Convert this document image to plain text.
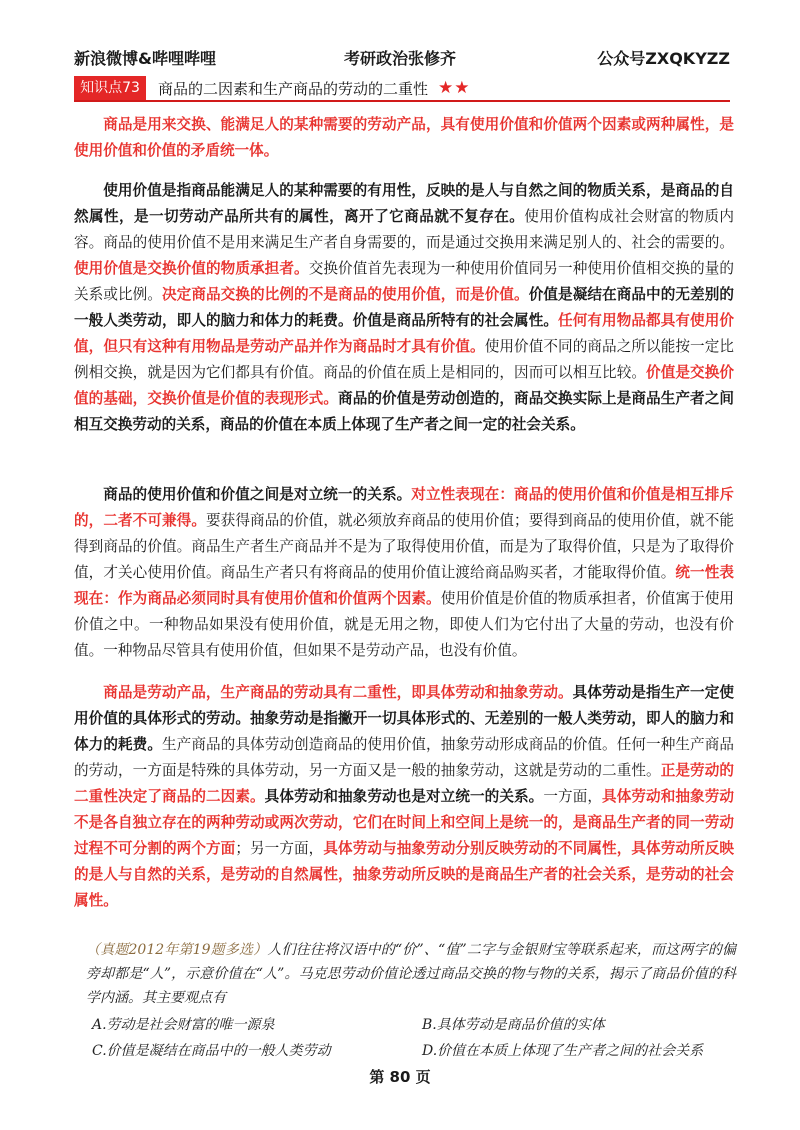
新浪微博&哔哩哔哩	考研政治张修齐	公众号ZXQKYZZ
知识点73	商品的二因素和生产商品的劳动的二重性 ★★
商品是用来交换、能满足人的某种需要的劳动产品，具有使用价值和价值两个因素或两种属性，是使用价值和价值的矛盾统一体。
使用价值是指商品能满足人的某种需要的有用性，反映的是人与自然之间的物质关系，是商品的自然属性，是一切劳动产品所共有的属性，离开了它商品就不复存在。使用价值构成社会财富的物质内容。商品的使用价值不是用来满足生产者自身需要的，而是通过交换用来满足别人的、社会的需要的。使用价值是交换价值的物质承担者。交换价值首先表现为一种使用价值同另一种使用价值相交换的量的关系或比例。决定商品交换的比例的不是商品的使用价值，而是价值。价值是凝结在商品中的无差别的一般人类劳动，即人的脑力和体力的耗费。价值是商品所特有的社会属性。任何有用物品都具有使用价值，但只有这种有用物品是劳动产品并作为商品时才具有价值。使用价值不同的商品之所以能按一定比例相交换，就是因为它们都具有价值。商品的价值在质上是相同的，因而可以相互比较。价值是交换价值的基础，交换价值是价值的表现形式。商品的价值是劳动创造的，商品交换实际上是商品生产者之间相互交换劳动的关系，商品的价值在本质上体现了生产者之间一定的社会关系。
商品的使用价值和价值之间是对立统一的关系。对立性表现在：商品的使用价值和价值是相互排斥的，二者不可兼得。要获得商品的价值，就必须放弃商品的使用价值；要得到商品的使用价值，就不能得到商品的价值。商品生产者生产商品并不是为了取得使用价值，而是为了取得价值，只是为了取得价值，才关心使用价值。商品生产者只有将商品的使用价值让渡给商品购买者，才能取得价值。统一性表现在：作为商品必须同时具有使用价值和价值两个因素。使用价值是价值的物质承担者，价值寓于使用价值之中。一种物品如果没有使用价值，就是无用之物，即使人们为它付出了大量的劳动，也没有价值。一种物品尽管具有使用价值，但如果不是劳动产品，也没有价值。
商品是劳动产品，生产商品的劳动具有二重性，即具体劳动和抽象劳动。具体劳动是指生产一定使用价值的具体形式的劳动。抽象劳动是指撇开一切具体形式的、无差别的一般人类劳动，即人的脑力和体力的耗费。生产商品的具体劳动创造商品的使用价值，抽象劳动形成商品的价值。任何一种生产商品的劳动，一方面是特殊的具体劳动，另一方面又是一般的抽象劳动，这就是劳动的二重性。正是劳动的二重性决定了商品的二因素。具体劳动和抽象劳动也是对立统一的关系。一方面，具体劳动和抽象劳动不是各自独立存在的两种劳动或两次劳动，它们在时间上和空间上是统一的，是商品生产者的同一劳动过程不可分割的两个方面；另一方面，具体劳动与抽象劳动分别反映劳动的不同属性，具体劳动所反映的是人与自然的关系，是劳动的自然属性，抽象劳动所反映的是商品生产者的社会关系，是劳动的社会属性。
（真题2012年第19题多选）人们往往将汉语中的“价”、“值”二字与金银财宝等联系起来，而这两字的偏旁却都是“人”，示意价值在“人”。马克思劳动价值论透过商品交换的物与物的关系，揭示了商品价值的科学内涵。其主要观点有
A.劳动是社会财富的唯一源泉	B.具体劳动是商品价值的实体
C.价值是凝结在商品中的一般人类劳动	D.价值在本质上体现了生产者之间的社会关系
第 80 页
